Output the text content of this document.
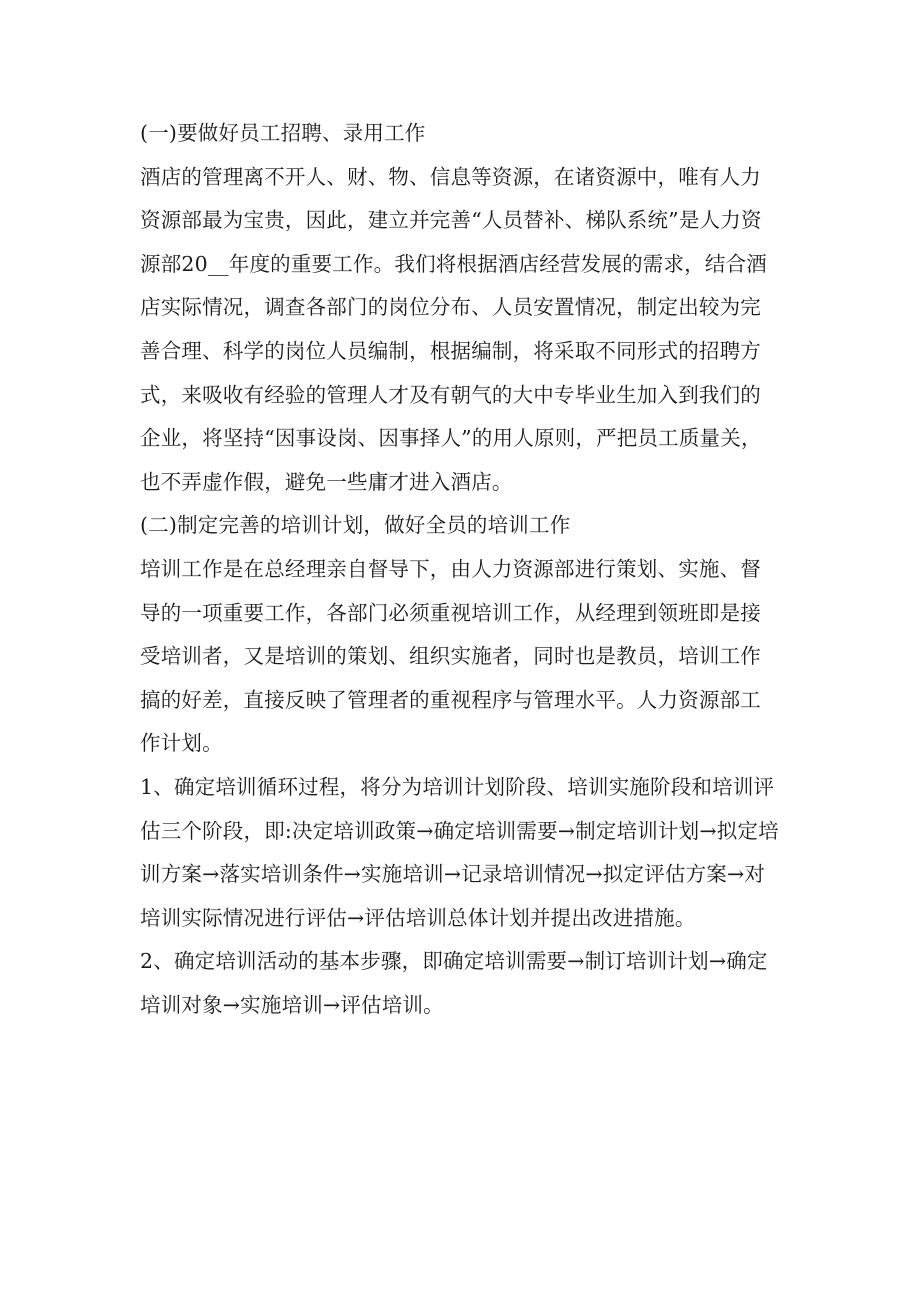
(一)要做好员工招聘、录用工作

酒店的管理离不开人、财、物、信息等资源，在诸资源中，唯有人力资源部最为宝贵，因此，建立并完善“人员替补、梯队系统”是人力资源部20__年度的重要工作。我们将根据酒店经营发展的需求，结合酒店实际情况，调查各部门的岗位分布、人员安置情况，制定出较为完善合理、科学的岗位人员编制，根据编制，将采取不同形式的招聘方式，来吸收有经验的管理人才及有朝气的大中专毕业生加入到我们的企业，将坚持“因事设岗、因事择人”的用人原则，严把员工质量关，也不弄虚作假，避免一些庸才进入酒店。

(二)制定完善的培训计划，做好全员的培训工作

培训工作是在总经理亲自督导下，由人力资源部进行策划、实施、督导的一项重要工作，各部门必须重视培训工作，从经理到领班即是接受培训者，又是培训的策划、组织实施者，同时也是教员，培训工作搞的好差，直接反映了管理者的重视程序与管理水平。人力资源部工作计划。

1、确定培训循环过程，将分为培训计划阶段、培训实施阶段和培训评估三个阶段，即:决定培训政策→确定培训需要→制定培训计划→拟定培训方案→落实培训条件→实施培训→记录培训情况→拟定评估方案→对培训实际情况进行评估→评估培训总体计划并提出改进措施。

2、确定培训活动的基本步骤，即确定培训需要→制订培训计划→确定培训对象→实施培训→评估培训。
